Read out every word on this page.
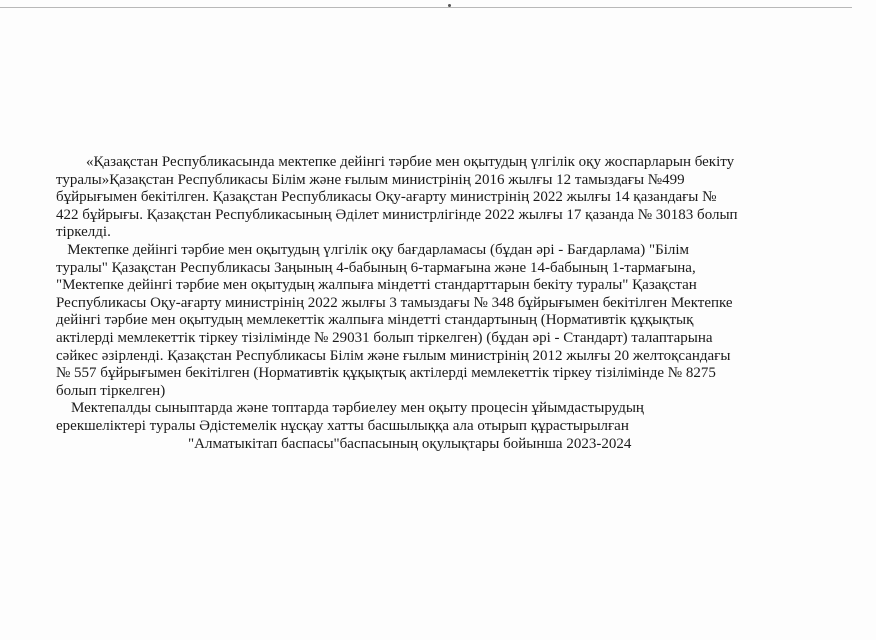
«Қазақстан Республикасында мектепке дейінгі тәрбие мен оқытудың үлгілік оқу жоспарларын бекіту

туралы»Қазақстан Республикасы Білім және ғылым министрінің 2016 жылғы 12 тамыздағы №499

бұйрығымен бекітілген. Қазақстан Республикасы Оқу-ағарту министрінің 2022 жылғы 14 қазандағы №

422 бұйрығы. Қазақстан Республикасының Әділет министрлігінде 2022 жылғы 17 қазанда № 30183 болып

тіркелді.

Мектепке дейінгі тәрбие мен оқытудың үлгілік оқу бағдарламасы (бұдан әрі - Бағдарлама) "Білім

туралы" Қазақстан Республикасы Заңының 4-бабының 6-тармағына және 14-бабының 1-тармағына,

"Мектепке дейінгі тәрбие мен оқытудың жалпыға міндетті стандарттарын бекіту туралы" Қазақстан

Республикасы Оқу-ағарту министрінің 2022 жылғы 3 тамыздағы № 348 бұйрығымен бекітілген Мектепке

дейінгі тәрбие мен оқытудың мемлекеттік жалпыға міндетті стандартының (Нормативтік құқықтық

актілерді мемлекеттік тіркеу тізілімінде № 29031 болып тіркелген) (бұдан әрі - Стандарт) талаптарына

сәйкес әзірленді. Қазақстан Республикасы Білім және ғылым министрінің 2012 жылғы 20 желтоқсандағы

№ 557 бұйрығымен бекітілген (Нормативтік құқықтық актілерді мемлекеттік тіркеу тізілімінде № 8275

болып тіркелген)

Мектепалды сыныптарда және топтарда тәрбиелеу мен оқыту процесін ұйымдастырудың

ерекшеліктері туралы Әдістемелік нұсқау хатты басшылыққа ала отырып құрастырылған

"Алматыкітап баспасы"баспасының оқулықтары бойынша 2023-2024
